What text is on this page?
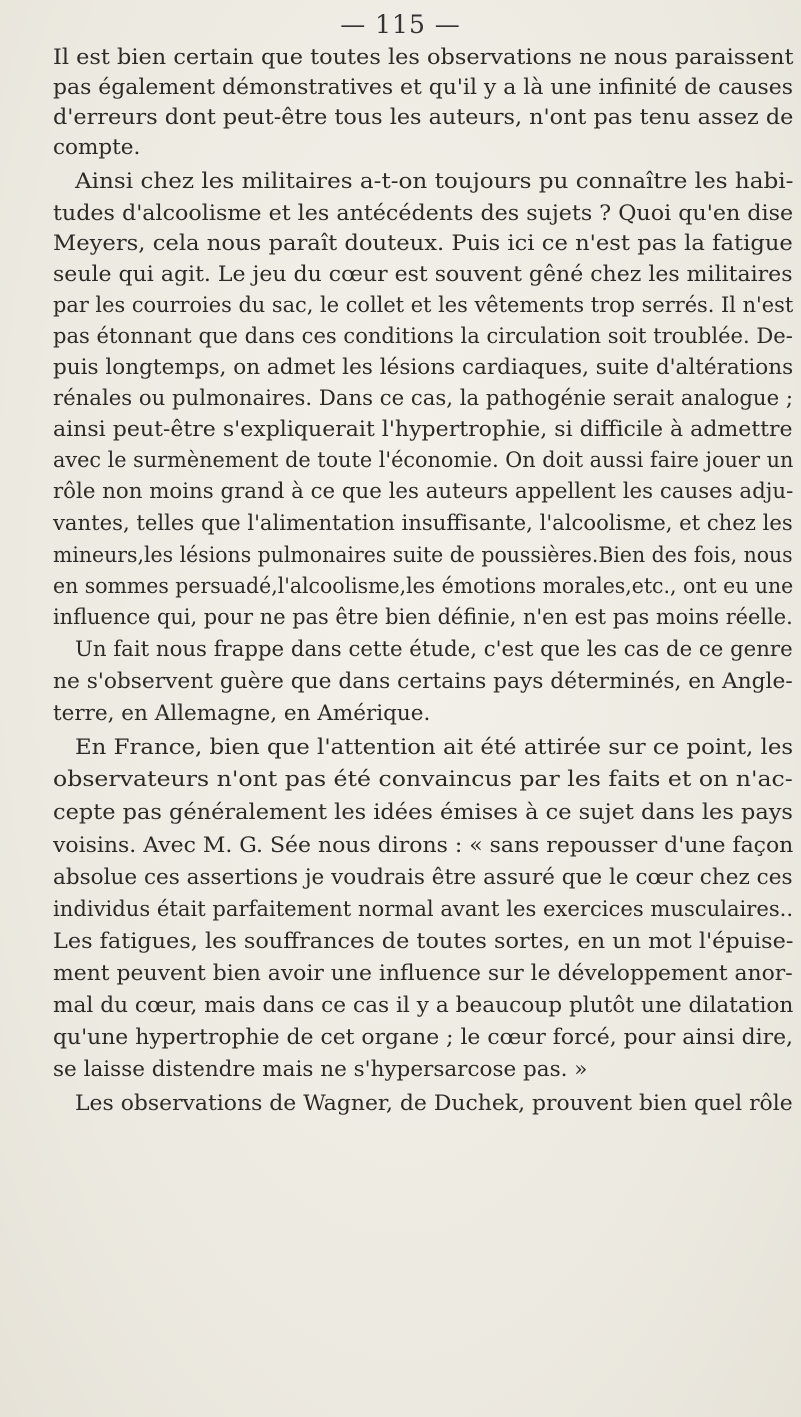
— 115 —
Il est bien certain que toutes les observations ne nous paraissent
pas également démonstratives et qu'il y a là une infinité de causes
d'erreurs dont peut-être tous les auteurs, n'ont pas tenu assez de
compte.
Ainsi chez les militaires a-t-on toujours pu connaître les habi-
tudes d'alcoolisme et les antécédents des sujets ? Quoi qu'en dise
Meyers, cela nous paraît douteux. Puis ici ce n'est pas la fatigue
seule qui agit. Le jeu du cœur est souvent gêné chez les militaires
par les courroies du sac, le collet et les vêtements trop serrés. Il n'est
pas étonnant que dans ces conditions la circulation soit troublée. De-
puis longtemps, on admet les lésions cardiaques, suite d'altérations
rénales ou pulmonaires. Dans ce cas, la pathogénie serait analogue ;
ainsi peut-être s'expliquerait l'hypertrophie, si difficile à admettre
avec le surmènement de toute l'économie. On doit aussi faire jouer un
rôle non moins grand à ce que les auteurs appellent les causes adju-
vantes, telles que l'alimentation insuffisante, l'alcoolisme, et chez les
mineurs,les lésions pulmonaires suite de poussières.Bien des fois, nous
en sommes persuadé,l'alcoolisme,les émotions morales,etc., ont eu une
influence qui, pour ne pas être bien définie, n'en est pas moins réelle.
Un fait nous frappe dans cette étude, c'est que les cas de ce genre
ne s'observent guère que dans certains pays déterminés, en Angle-
terre, en Allemagne, en Amérique.
En France, bien que l'attention ait été attirée sur ce point, les
observateurs n'ont pas été convaincus par les faits et on n'ac-
cepte pas généralement les idées émises à ce sujet dans les pays
voisins. Avec M. G. Sée nous dirons : « sans repousser d'une façon
absolue ces assertions je voudrais être assuré que le cœur chez ces
individus était parfaitement normal avant les exercices musculaires..
Les fatigues, les souffrances de toutes sortes, en un mot l'épuise-
ment peuvent bien avoir une influence sur le développement anor-
mal du cœur, mais dans ce cas il y a beaucoup plutôt une dilatation
qu'une hypertrophie de cet organe ; le cœur forcé, pour ainsi dire,
se laisse distendre mais ne s'hypersarcose pas. »
Les observations de Wagner, de Duchek, prouvent bien quel rôle
